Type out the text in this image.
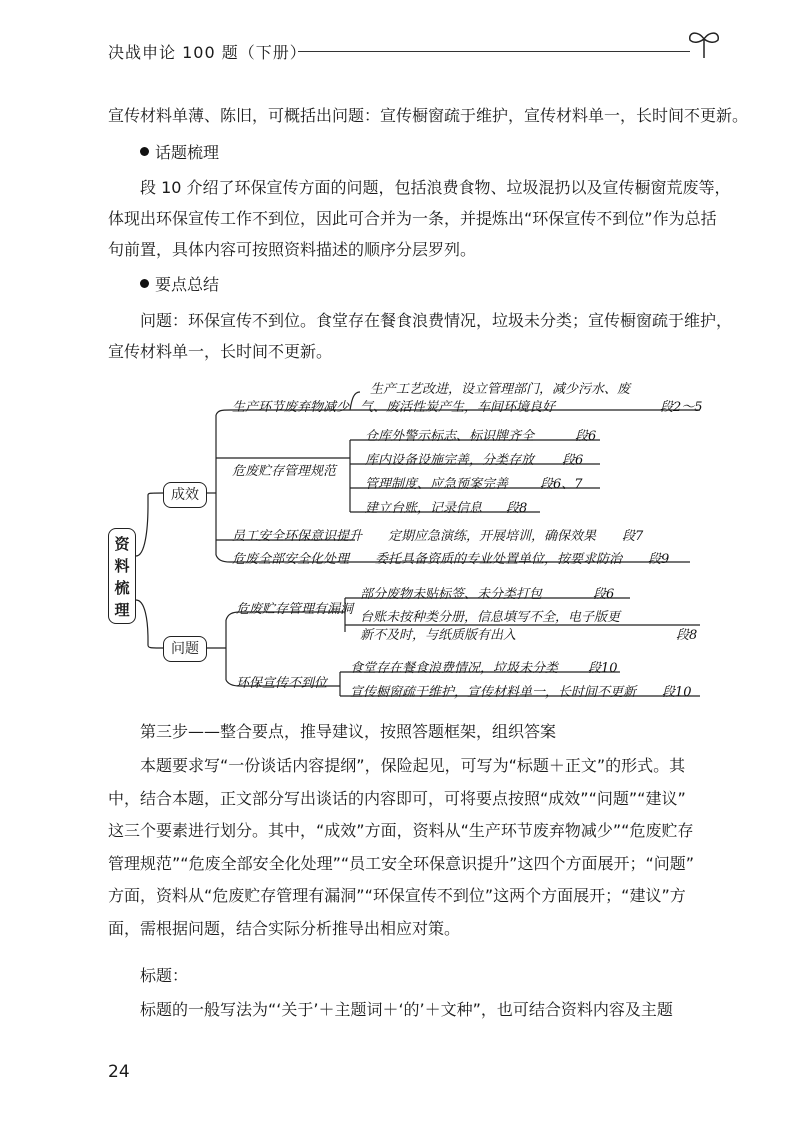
决战申论 100 题（下册）
宣传材料单薄、陈旧，可概括出问题：宣传橱窗疏于维护，宣传材料单一，长时间不更新。
话题梳理
段 10 介绍了环保宣传方面的问题，包括浪费食物、垃圾混扔以及宣传橱窗荒废等，
体现出环保宣传工作不到位，因此可合并为一条，并提炼出“环保宣传不到位”作为总括
句前置，具体内容可按照资料描述的顺序分层罗列。
要点总结
问题：环保宣传不到位。食堂存在餐食浪费情况，垃圾未分类；宣传橱窗疏于维护，
宣传材料单一，长时间不更新。
资料梳理
成效
生产环节废弃物减少
生产工艺改进，设立管理部门，减少污水、废
气、废活性炭产生，车间环境良好	段2～5
危废贮存管理规范
仓库外警示标志、标识牌齐全	段6
库内设备设施完善，分类存放 段6
管理制度、应急预案完善 段6、7
建立台账，记录信息 段8
员工安全环保意识提升 定期应急演练，开展培训，确保效果 段7
危废全部安全化处理 委托具备资质的专业处置单位，按要求防治 段9
问题
危废贮存管理有漏洞
部分废物未贴标签、未分类打包	段6
台账未按种类分册，信息填写不全，电子版更
新不及时，与纸质版有出入	段8
环保宣传不到位
食堂存在餐食浪费情况，垃圾未分类 段10
宣传橱窗疏于维护，宣传材料单一，长时间不更新 段10
第三步——整合要点，推导建议，按照答题框架，组织答案
本题要求写“一份谈话内容提纲”，保险起见，可写为“标题＋正文”的形式。其
中，结合本题，正文部分写出谈话的内容即可，可将要点按照“成效”“问题”“建议”
这三个要素进行划分。其中，“成效”方面，资料从“生产环节废弃物减少”“危废贮存
管理规范”“危废全部安全化处理”“员工安全环保意识提升”这四个方面展开；“问题”
方面，资料从“危废贮存管理有漏洞”“环保宣传不到位”这两个方面展开；“建议”方
面，需根据问题，结合实际分析推导出相应对策。
标题：
标题的一般写法为“‘关于’＋主题词＋‘的’＋文种”，也可结合资料内容及主题
24
